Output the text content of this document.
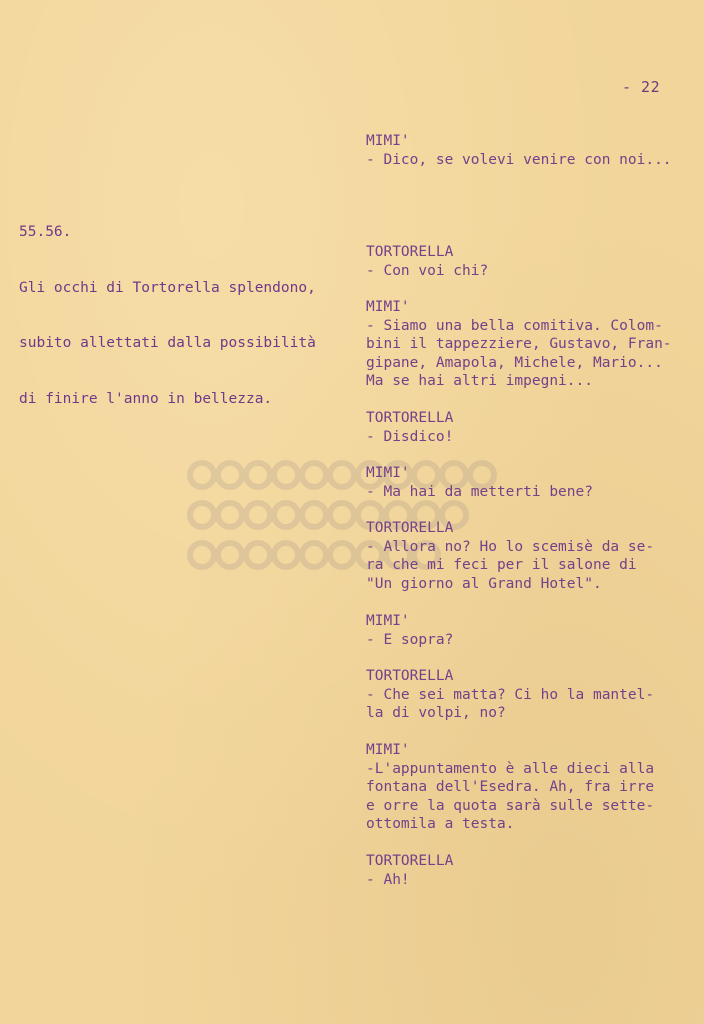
- 22

55.56.

Gli occhi di Tortorella splendono,

subito allettati dalla possibilità

di finire l'anno in bellezza.

MIMI'
- Dico, se volevi venire con noi...
TORTORELLA
- Con voi chi?
MIMI'
- Siamo una bella comitiva. Colom-
bini il tappezziere, Gustavo, Fran-
gipane, Amapola, Michele, Mario...
Ma se hai altri impegni...
TORTORELLA
- Disdico!
MIMI'
- Ma hai da metterti bene?
TORTORELLA
- Allora no? Ho lo scemisè da se-
ra che mi feci per il salone di
"Un giorno al Grand Hotel".
MIMI'
- E sopra?
TORTORELLA
- Che sei matta? Ci ho la mantel-
la di volpi, no?
MIMI'
-L'appuntamento è alle dieci alla
fontana dell'Esedra. Ah, fra irre
e orre la quota sarà sulle sette-
ottomila a testa.
TORTORELLA
- Ah!
